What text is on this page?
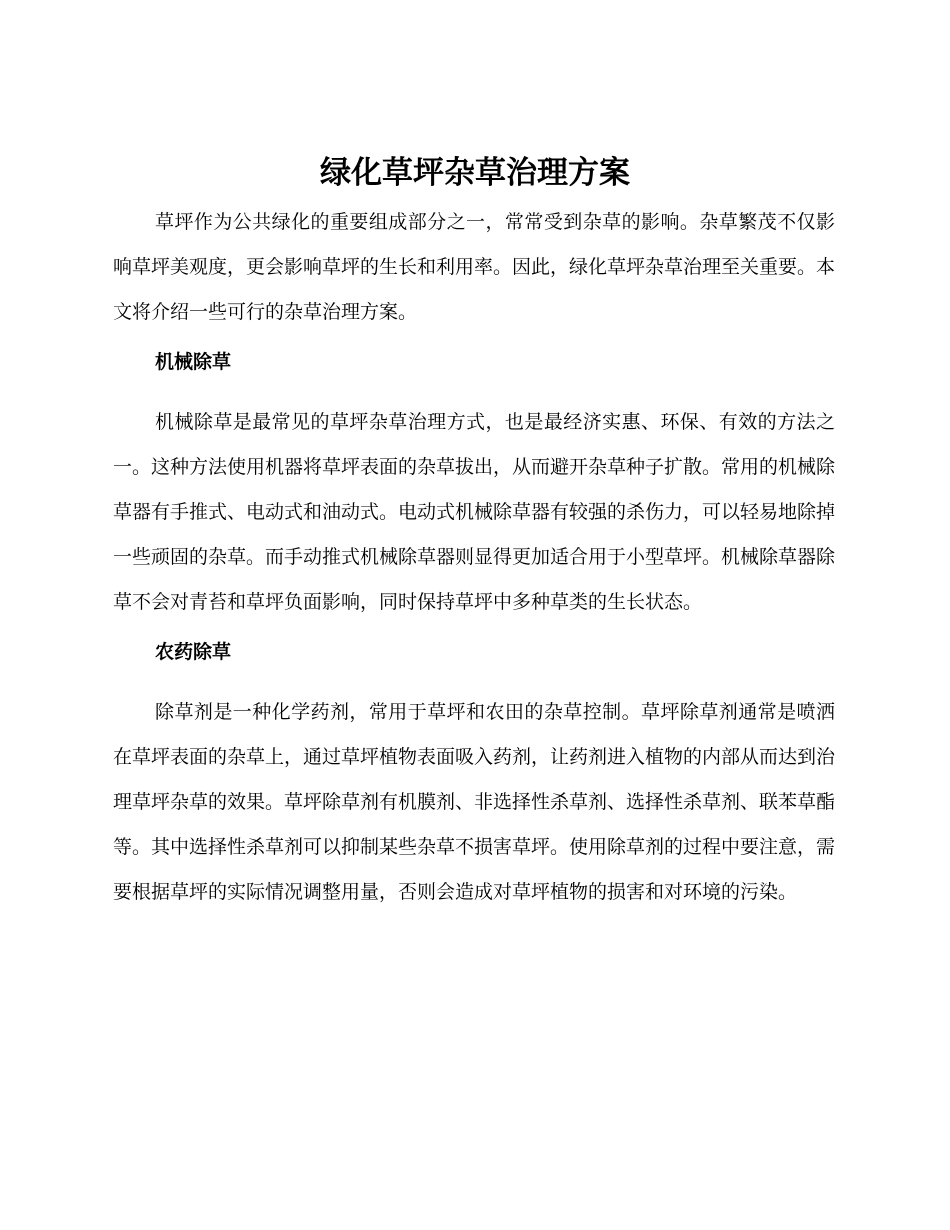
绿化草坪杂草治理方案

草坪作为公共绿化的重要组成部分之一，常常受到杂草的影响。杂草繁茂不仅影响草坪美观度，更会影响草坪的生长和利用率。因此，绿化草坪杂草治理至关重要。本文将介绍一些可行的杂草治理方案。

机械除草

机械除草是最常见的草坪杂草治理方式，也是最经济实惠、环保、有效的方法之一。这种方法使用机器将草坪表面的杂草拔出，从而避开杂草种子扩散。常用的机械除草器有手推式、电动式和油动式。电动式机械除草器有较强的杀伤力，可以轻易地除掉一些顽固的杂草。而手动推式机械除草器则显得更加适合用于小型草坪。机械除草器除草不会对青苔和草坪负面影响，同时保持草坪中多种草类的生长状态。

农药除草

除草剂是一种化学药剂，常用于草坪和农田的杂草控制。草坪除草剂通常是喷洒在草坪表面的杂草上，通过草坪植物表面吸入药剂，让药剂进入植物的内部从而达到治理草坪杂草的效果。草坪除草剂有机膜剂、非选择性杀草剂、选择性杀草剂、联苯草酯等。其中选择性杀草剂可以抑制某些杂草不损害草坪。使用除草剂的过程中要注意，需要根据草坪的实际情况调整用量，否则会造成对草坪植物的损害和对环境的污染。
